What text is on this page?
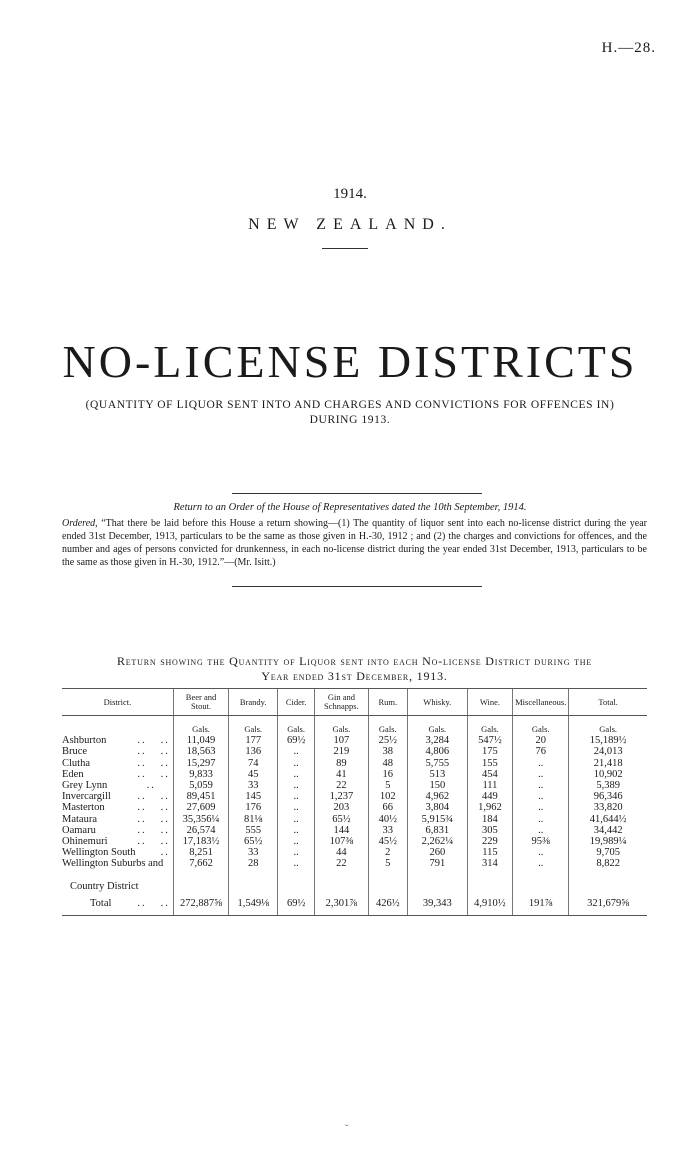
H.—28.
1914.
NEW ZEALAND.
NO-LICENSE DISTRICTS
(QUANTITY OF LIQUOR SENT INTO AND CHARGES AND CONVICTIONS FOR OFFENCES IN) DURING 1913.
Return to an Order of the House of Representatives dated the 10th September, 1914.
Ordered, “That there be laid before this House a return showing—(1) The quantity of liquor sent into each no-license district during the year ended 31st December, 1913, particulars to be the same as those given in H.-30, 1912 ; and (2) the charges and convictions for offences, and the number and ages of persons convicted for drunkenness, in each no-license district during the year ended 31st December, 1913, particulars to be the same as those given in H.-30, 1912.”—(Mr. Isitt.)
Return showing the Quantity of Liquor sent into each No-license District during the
Year ended 31st December, 1913.
District.	Beer and Stout.	Brandy.	Cider.	Gin and Schnapps.	Rum.	Whisky.	Wine.	Miscellaneous.	Total.
	Gals.	Gals.	Gals.	Gals.	Gals.	Gals.	Gals.	Gals.	Gals.
Ashburton .. ..	11,049	177	69½	107	25½	3,284	547½	20	15,189½
Bruce .. ..	18,563	136	..	219	38	4,806	175	76	24,013
Clutha .. ..	15,297	74	..	89	48	5,755	155	..	21,418
Eden .. ..	9,833	45	..	41	16	513	454	..	10,902
Grey Lynn ..	5,059	33	..	22	5	150	111	..	5,389
Invercargill .. ..	89,451	145	..	1,237	102	4,962	449	..	96,346
Masterton .. ..	27,609	176	..	203	66	3,804	1,962	..	33,820
Mataura .. ..	35,356¼	81⅛	..	65½	40½	5,915¾	184	..	41,644½
Oamaru .. ..	26,574	555	..	144	33	6,831	305	..	34,442
Ohinemuri .. ..	17,183½	65½	..	107⅜	45½	2,262¼	229	95⅜	19,989¼
Wellington South ..	8,251	33	..	44	2	260	115	..	9,705
Wellington Suburbs and	7,662	28	..	22	5	791	314	..	8,822
Country District

Total .. ..	272,887⅝	1,549⅛	69½	2,301⅞	426½	39,343	4,910½	191⅞	321,679⅝
ˇ
